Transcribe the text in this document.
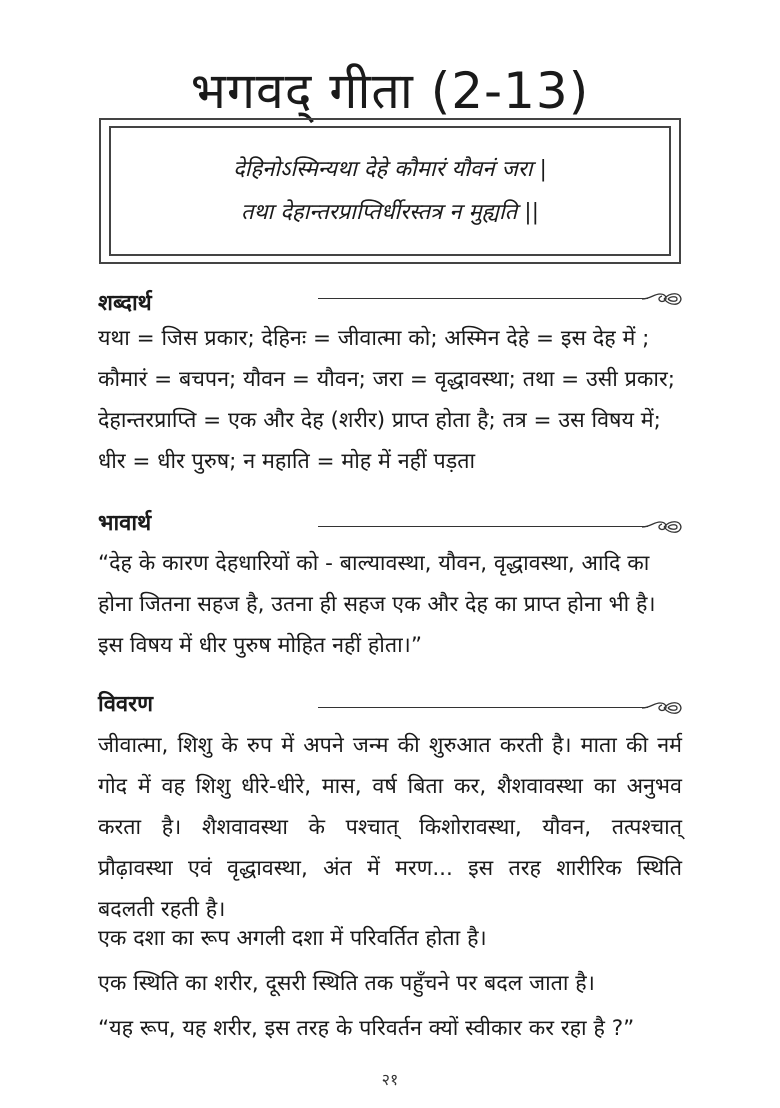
भगवद् गीता (2-13)
देहिनोऽस्मिन्यथा देहे कौमारं यौवनं जरा |
तथा देहान्तरप्राप्तिर्धीरस्तत्र न मुह्यति ||
शब्दार्थ
यथा = जिस प्रकार; देहिनः = जीवात्मा को; अस्मिन देहे = इस देह में ;
कौमारं = बचपन; यौवन = यौवन; जरा = वृद्धावस्था; तथा = उसी प्रकार;
देहान्तरप्राप्ति = एक और देह (शरीर) प्राप्त होता है; तत्र = उस विषय में;
धीर = धीर पुरुष; न महाति = मोह में नहीं पड़ता
भावार्थ
“देह के कारण देहधारियों को - बाल्यावस्था, यौवन, वृद्धावस्था, आदि का
होना जितना सहज है, उतना ही सहज एक और देह का प्राप्त होना भी है।
इस विषय में धीर पुरुष मोहित नहीं होता।”
विवरण
जीवात्मा, शिशु के रुप में अपने जन्म की शुरुआत करती है। माता की नर्म
गोद में वह शिशु धीरे-धीरे, मास, वर्ष बिता कर, शैशवावस्था का अनुभव
करता है। शैशवावस्था के पश्चात् किशोरावस्था, यौवन, तत्पश्चात्
प्रौढ़ावस्था एवं वृद्धावस्था, अंत में मरण... इस तरह शारीरिक स्थिति
बदलती रहती है।
एक दशा का रूप अगली दशा में परिवर्तित होता है।
एक स्थिति का शरीर, दूसरी स्थिति तक पहुँचने पर बदल जाता है।
“यह रूप, यह शरीर, इस तरह के परिवर्तन क्यों स्वीकार कर रहा है ?”
२१
